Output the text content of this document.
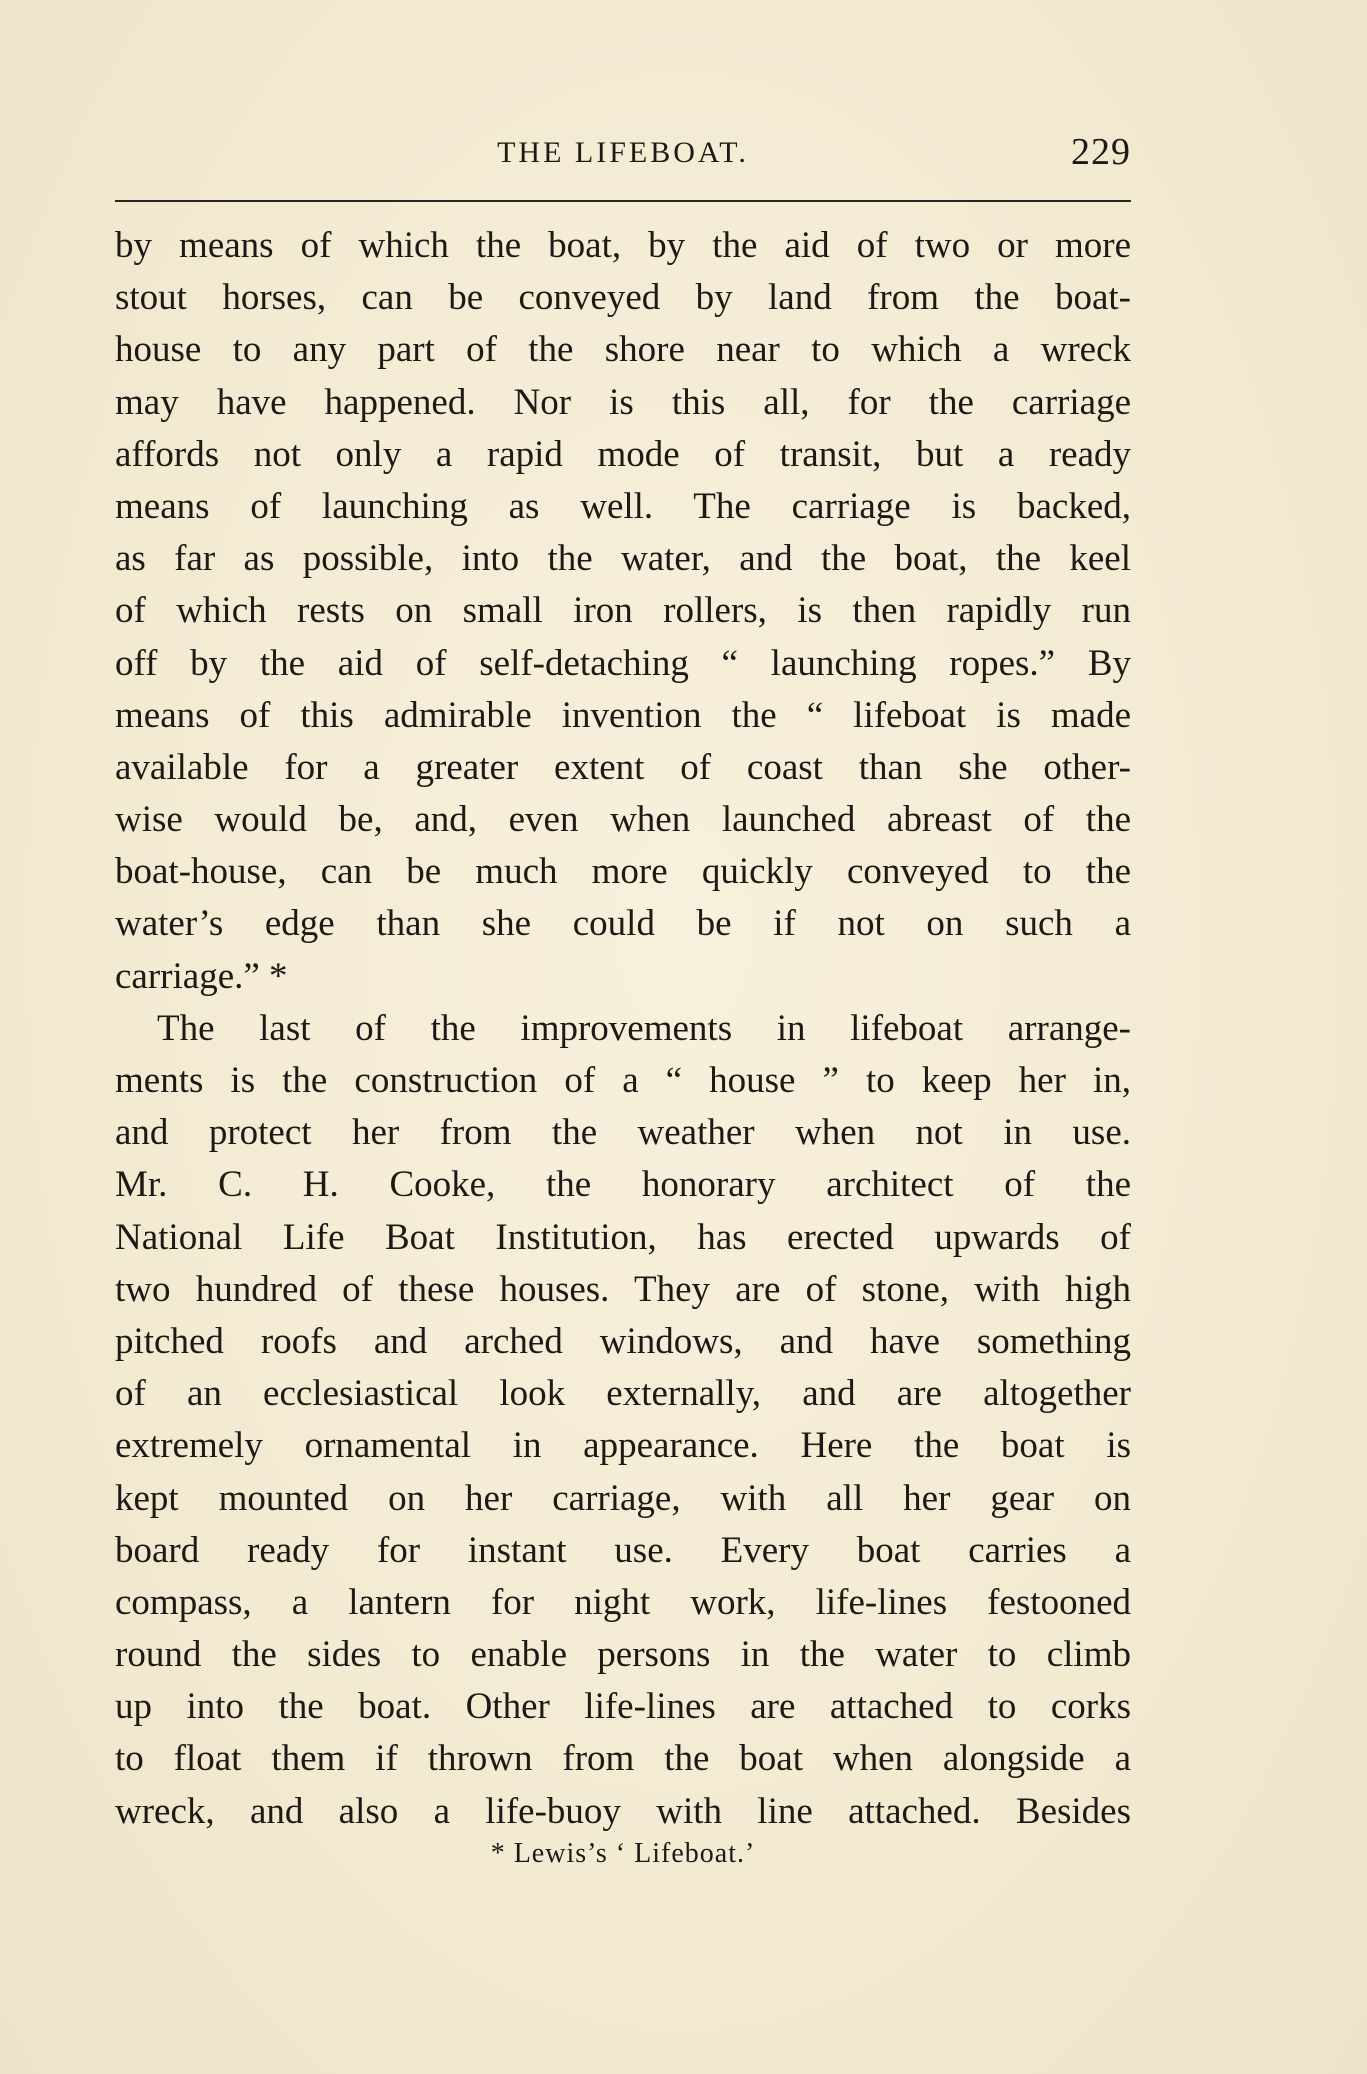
THE LIFEBOAT.	229
by means of which the boat, by the aid of two or more
stout horses, can be conveyed by land from the boat-
house to any part of the shore near to which a wreck
may have happened. Nor is this all, for the carriage
affords not only a rapid mode of transit, but a ready
means of launching as well. The carriage is backed,
as far as possible, into the water, and the boat, the keel
of which rests on small iron rollers, is then rapidly run
off by the aid of self-detaching “ launching ropes.” By
means of this admirable invention the “ lifeboat is made
available for a greater extent of coast than she other-
wise would be, and, even when launched abreast of the
boat-house, can be much more quickly conveyed to the
water’s edge than she could be if not on such a
carriage.” *
The last of the improvements in lifeboat arrange-
ments is the construction of a “ house ” to keep her in,
and protect her from the weather when not in use.
Mr. C. H. Cooke, the honorary architect of the
National Life Boat Institution, has erected upwards of
two hundred of these houses. They are of stone, with high
pitched roofs and arched windows, and have something
of an ecclesiastical look externally, and are altogether
extremely ornamental in appearance. Here the boat is
kept mounted on her carriage, with all her gear on
board ready for instant use. Every boat carries a
compass, a lantern for night work, life-lines festooned
round the sides to enable persons in the water to climb
up into the boat. Other life-lines are attached to corks
to float them if thrown from the boat when alongside a
wreck, and also a life-buoy with line attached. Besides
* Lewis’s ‘ Lifeboat.’
